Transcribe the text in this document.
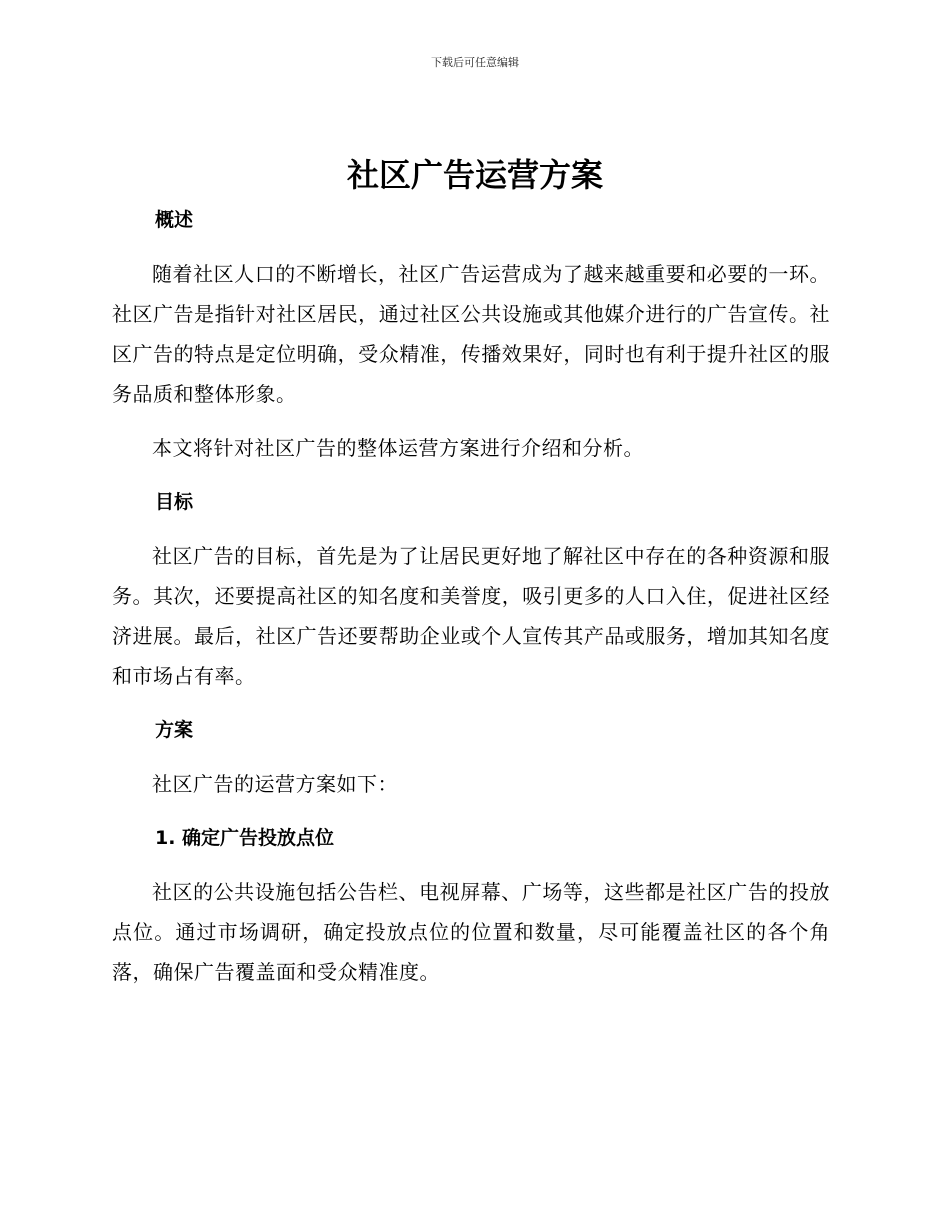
下载后可任意编辑
社区广告运营方案
概述

随着社区人口的不断增长，社区广告运营成为了越来越重要和必要的一环。社区广告是指针对社区居民，通过社区公共设施或其他媒介进行的广告宣传。社区广告的特点是定位明确，受众精准，传播效果好，同时也有利于提升社区的服务品质和整体形象。

本文将针对社区广告的整体运营方案进行介绍和分析。

目标

社区广告的目标，首先是为了让居民更好地了解社区中存在的各种资源和服务。其次，还要提高社区的知名度和美誉度，吸引更多的人口入住，促进社区经济进展。最后，社区广告还要帮助企业或个人宣传其产品或服务，增加其知名度和市场占有率。

方案

社区广告的运营方案如下：

1. 确定广告投放点位

社区的公共设施包括公告栏、电视屏幕、广场等，这些都是社区广告的投放点位。通过市场调研，确定投放点位的位置和数量，尽可能覆盖社区的各个角落，确保广告覆盖面和受众精准度。
